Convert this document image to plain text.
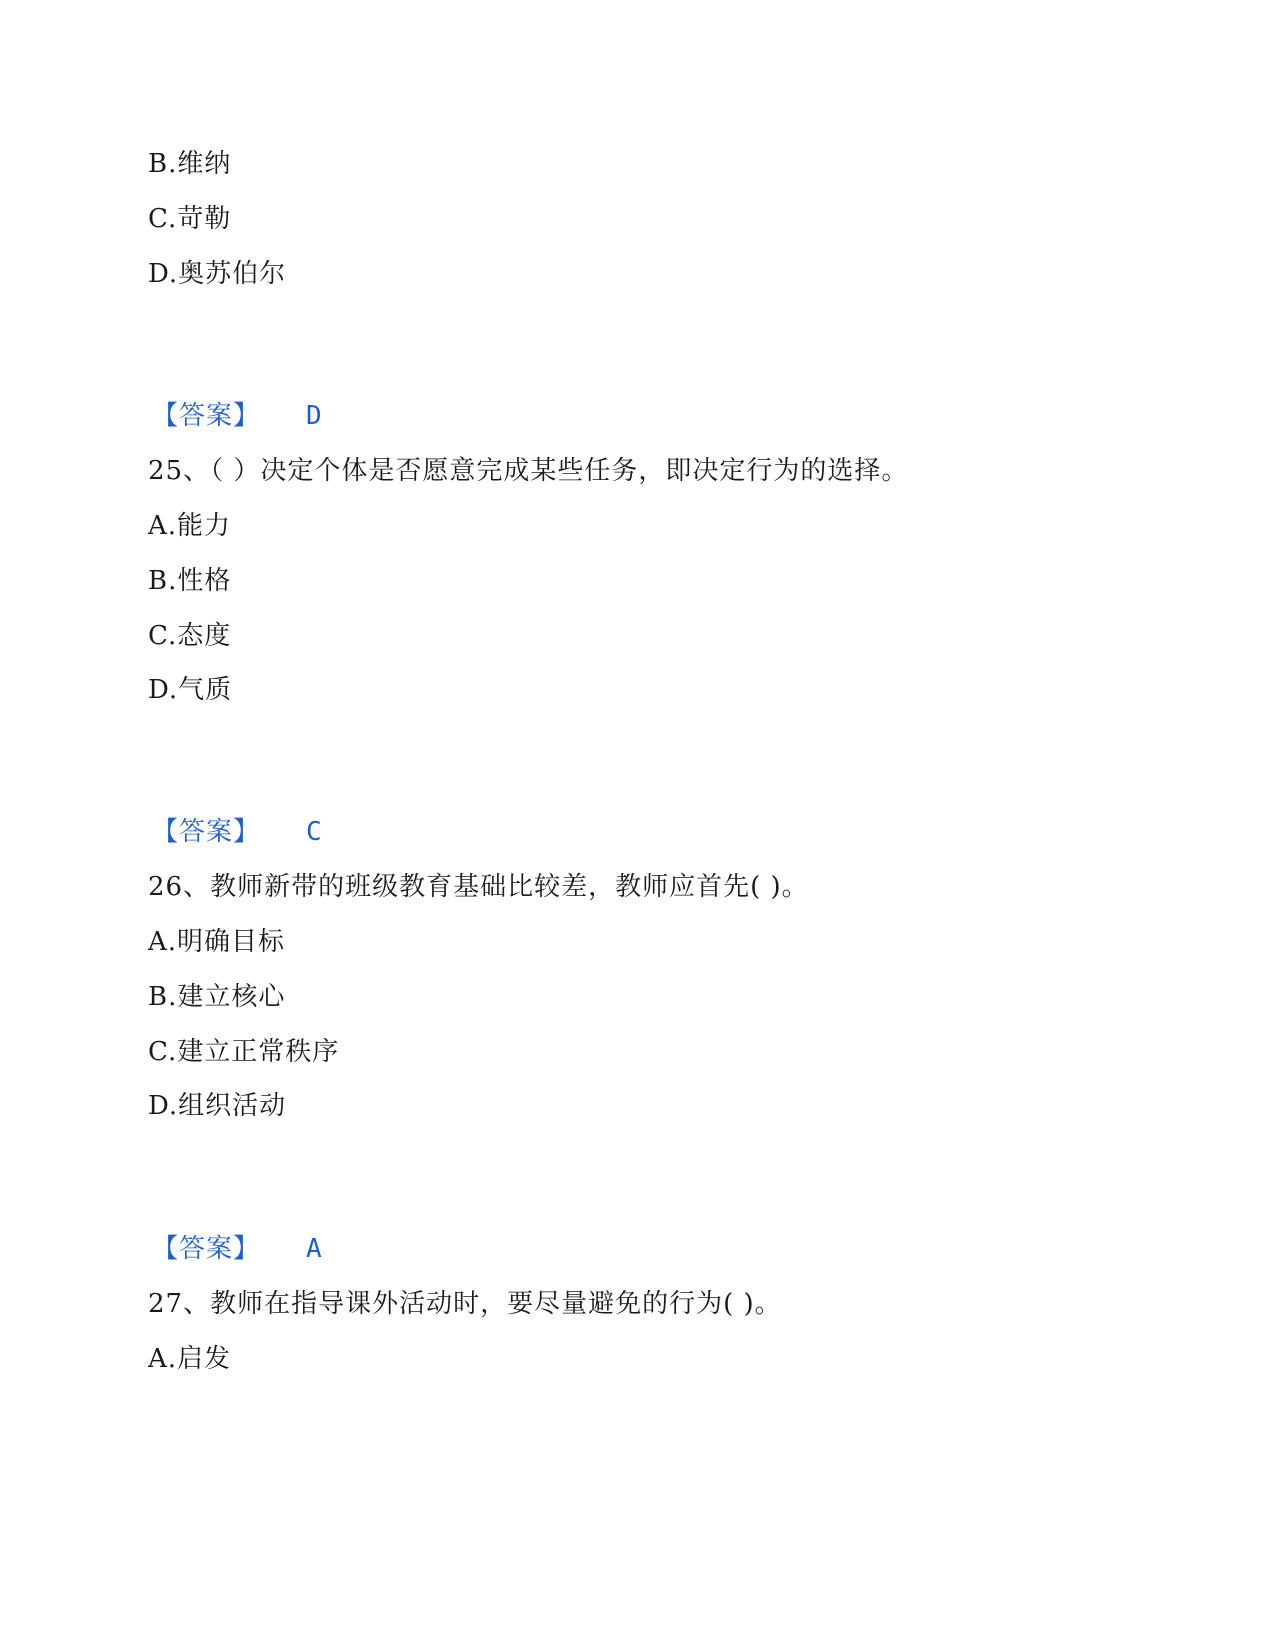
B.维纳
C.苛勒
D.奥苏伯尔
【答案】 D
25、（ ）决定个体是否愿意完成某些任务，即决定行为的选择。
A.能力
B.性格
C.态度
D.气质
【答案】 C
26、教师新带的班级教育基础比较差，教师应首先( )。
A.明确目标
B.建立核心
C.建立正常秩序
D.组织活动
【答案】 A
27、教师在指导课外活动时，要尽量避免的行为( )。
A.启发
